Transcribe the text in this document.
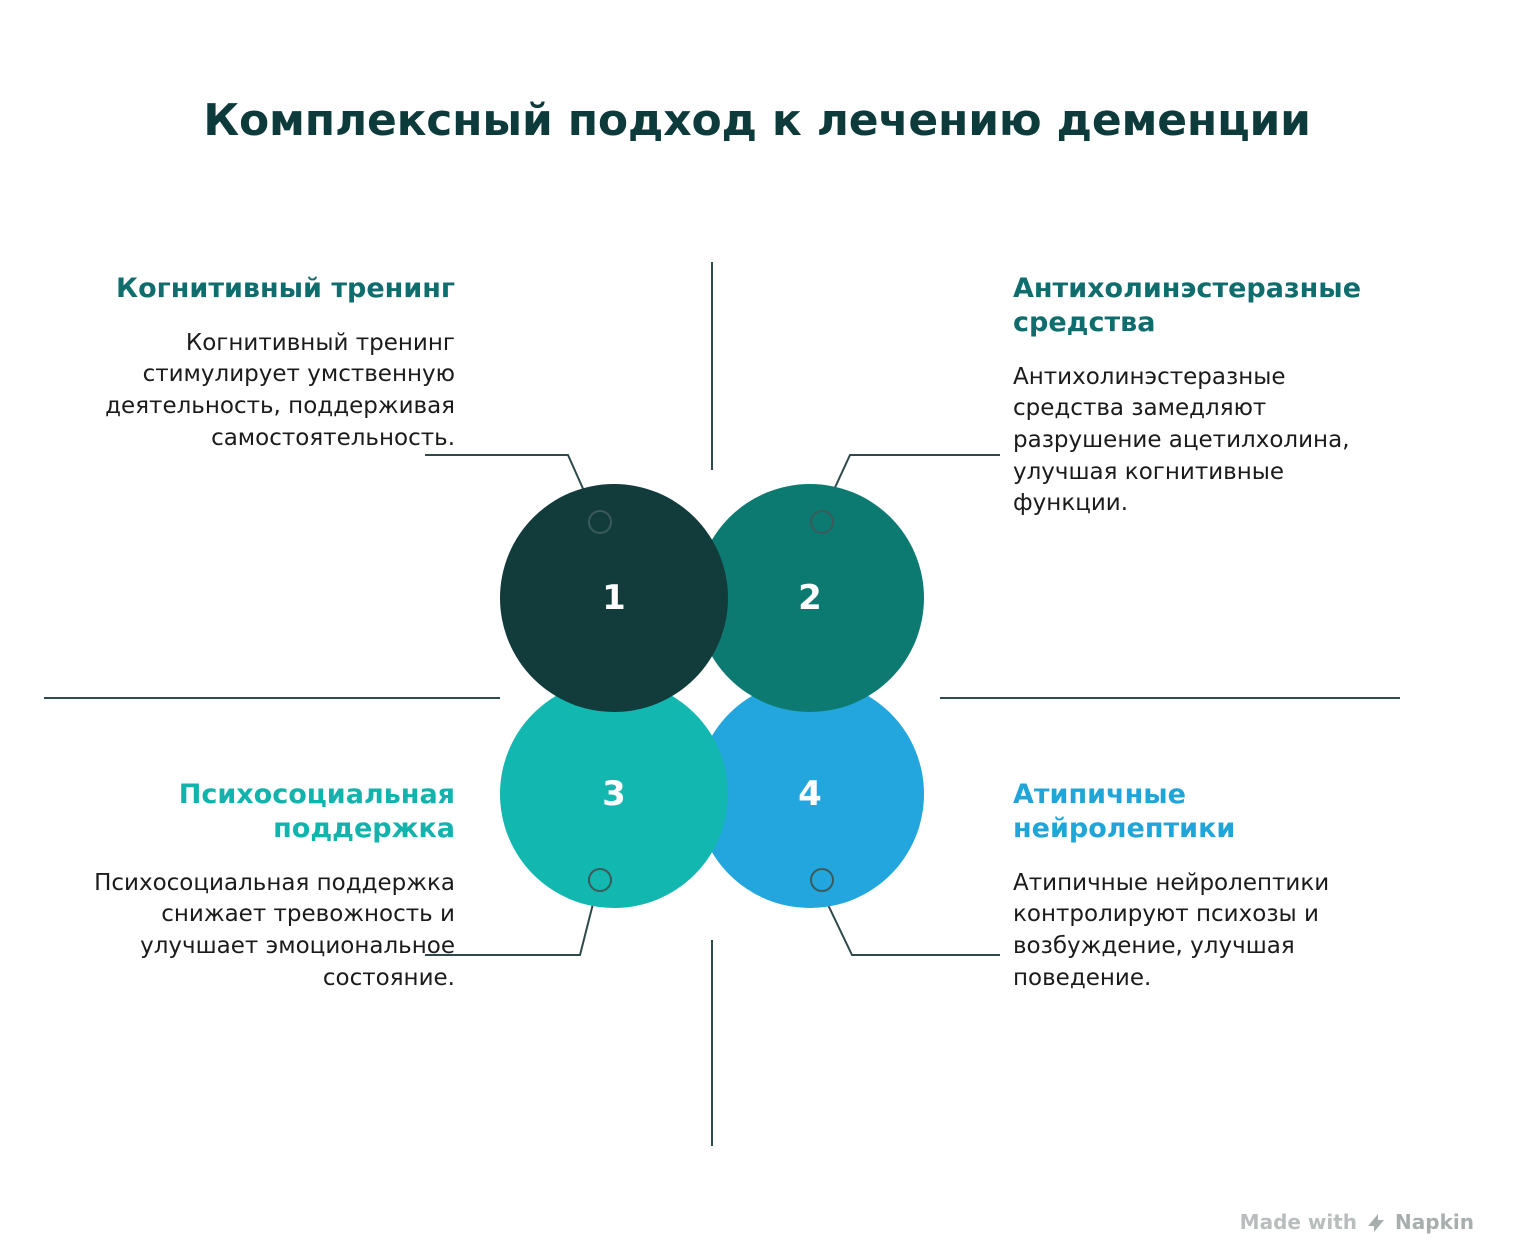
Комплексный подход к лечению деменции
1	2
3	4
Когнитивный тренинг
Когнитивный тренинг стимулирует умственную деятельность, поддерживая самостоятельность.
Антихолинэстеразные средства
Антихолинэстеразные средства замедляют разрушение ацетилхолина, улучшая когнитивные функции.
Психосоциальная поддержка
Психосоциальная поддержка снижает тревожность и улучшает эмоциональное состояние.
Атипичные нейролептики
Атипичные нейролептики контролируют психозы и возбуждение, улучшая поведение.
Made with Napkin
